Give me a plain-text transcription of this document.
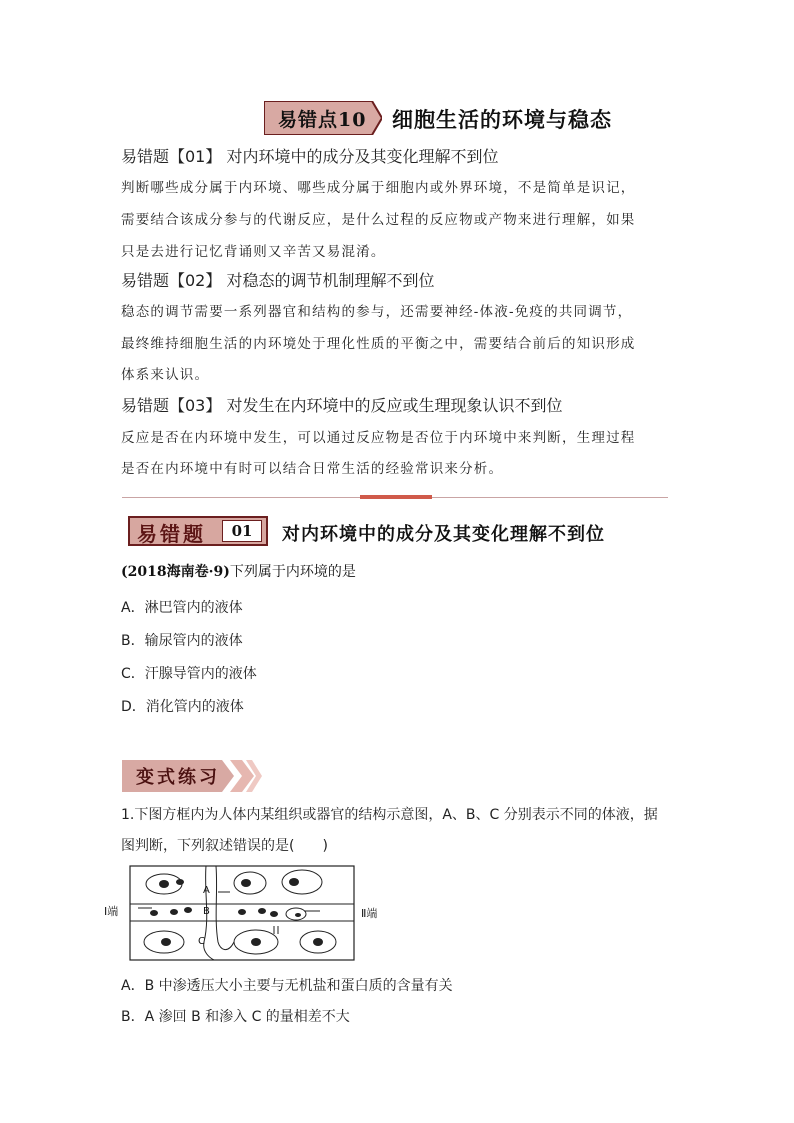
易错点10 细胞生活的环境与稳态
易错题【01】 对内环境中的成分及其变化理解不到位
判断哪些成分属于内环境、哪些成分属于细胞内或外界环境，不是简单是识记，
需要结合该成分参与的代谢反应，是什么过程的反应物或产物来进行理解，如果
只是去进行记忆背诵则又辛苦又易混淆。
易错题【02】 对稳态的调节机制理解不到位
稳态的调节需要一系列器官和结构的参与，还需要神经-体液-免疫的共同调节，
最终维持细胞生活的内环境处于理化性质的平衡之中，需要结合前后的知识形成
体系来认识。
易错题【03】 对发生在内环境中的反应或生理现象认识不到位
反应是否在内环境中发生，可以通过反应物是否位于内环境中来判断，生理过程
是否在内环境中有时可以结合日常生活的经验常识来分析。
易错题	01	对内环境中的成分及其变化理解不到位
(2018海南卷·9)下列属于内环境的是
A．淋巴管内的液体
B．输尿管内的液体
C．汗腺导管内的液体
D．消化管内的液体
变式练习
1.下图方框内为人体内某组织或器官的结构示意图，A、B、C 分别表示不同的体液，据
图判断，下列叙述错误的是(　　)
Ⅰ端	Ⅱ端
A
B
C
A．B 中渗透压大小主要与无机盐和蛋白质的含量有关
B．A 渗回 B 和渗入 C 的量相差不大
